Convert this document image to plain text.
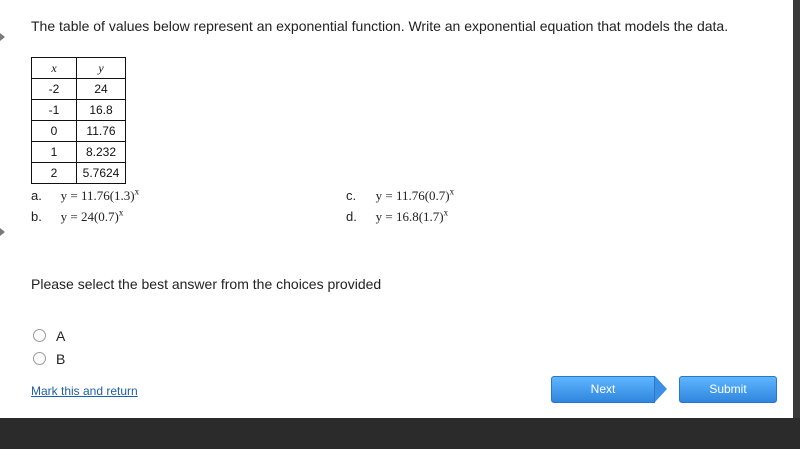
The table of values below represent an exponential function. Write an exponential equation that models the data.

x	y
-2	24
-1	16.8
0	11.76
1	8.232
2	5.7624
a. $y = 11.76(1.3)^x$
b. $y = 24(0.7)^x$
c. $y = 11.76(0.7)^x$
d. $y = 16.8(1.7)^x$
Please select the best answer from the choices provided
A
B
Mark this and return	Next	Submit
